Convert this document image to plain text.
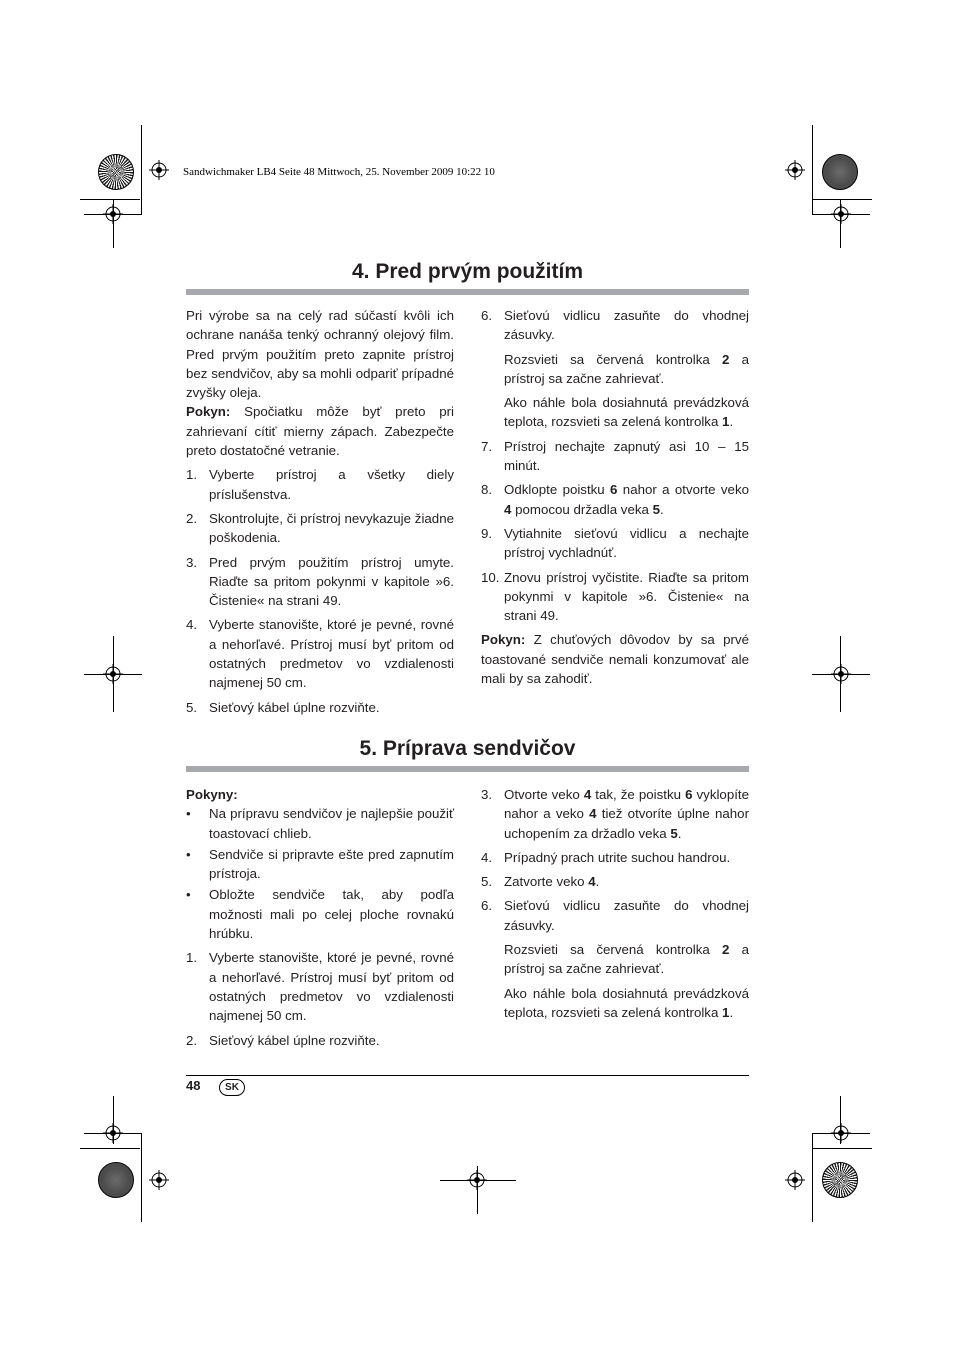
Sandwichmaker LB4 Seite 48 Mittwoch, 25. November 2009 10:22 10
4. Pred prvým použitím

Pri výrobe sa na celý rad súčastí kvôli ich ochrane nanáša tenký ochranný olejový film. Pred prvým použitím preto zapnite prístroj bez sendvičov, aby sa mohli odpariť prípadné zvyšky oleja.

Pokyn: Spočiatku môže byť preto pri zahrievaní cítiť mierny zápach. Zabezpečte preto dostatočné vetranie.

1. Vyberte prístroj a všetky diely príslušenstva.
2. Skontrolujte, či prístroj nevykazuje žiadne poškodenia.
3. Pred prvým použitím prístroj umyte. Riaďte sa pritom pokynmi v kapitole »6. Čistenie« na strani 49.
4. Vyberte stanovište, ktoré je pevné, rovné a nehorľavé. Prístroj musí byť pritom od ostatných predmetov vo vzdialenosti najmenej 50 cm.
5. Sieťový kábel úplne rozviňte.
6. Sieťovú vidlicu zasuňte do vhodnej zásuvky.
Rozsvieti sa červená kontrolka 2 a prístroj sa začne zahrievať.
Ako náhle bola dosiahnutá prevádzková teplota, rozsvieti sa zelená kontrolka 1.
7. Prístroj nechajte zapnutý asi 10 – 15 minút.
8. Odklopte poistku 6 nahor a otvorte veko 4 pomocou držadla veka 5.
9. Vytiahnite sieťovú vidlicu a nechajte prístroj vychladnúť.
10. Znovu prístroj vyčistite. Riaďte sa pritom pokynmi v kapitole »6. Čistenie« na strani 49.

Pokyn: Z chuťových dôvodov by sa prvé toastované sendviče nemali konzumovať ale mali by sa zahodiť.

5. Príprava sendvičov

Pokyny:

• Na prípravu sendvičov je najlepšie použiť toastovací chlieb.
• Sendviče si pripravte ešte pred zapnutím prístroja.
• Obložte sendviče tak, aby podľa možnosti mali po celej ploche rovnakú hrúbku.
1. Vyberte stanovište, ktoré je pevné, rovné a nehorľavé. Prístroj musí byť pritom od ostatných predmetov vo vzdialenosti najmenej 50 cm.
2. Sieťový kábel úplne rozviňte.
3. Otvorte veko 4 tak, že poistku 6 vyklopíte nahor a veko 4 tiež otvoríte úplne nahor uchopením za držadlo veka 5.
4. Prípadný prach utrite suchou handrou.
5. Zatvorte veko 4.
6. Sieťovú vidlicu zasuňte do vhodnej zásuvky.
Rozsvieti sa červená kontrolka 2 a prístroj sa začne zahrievať.
Ako náhle bola dosiahnutá prevádzková teplota, rozsvieti sa zelená kontrolka 1.
48	SK
